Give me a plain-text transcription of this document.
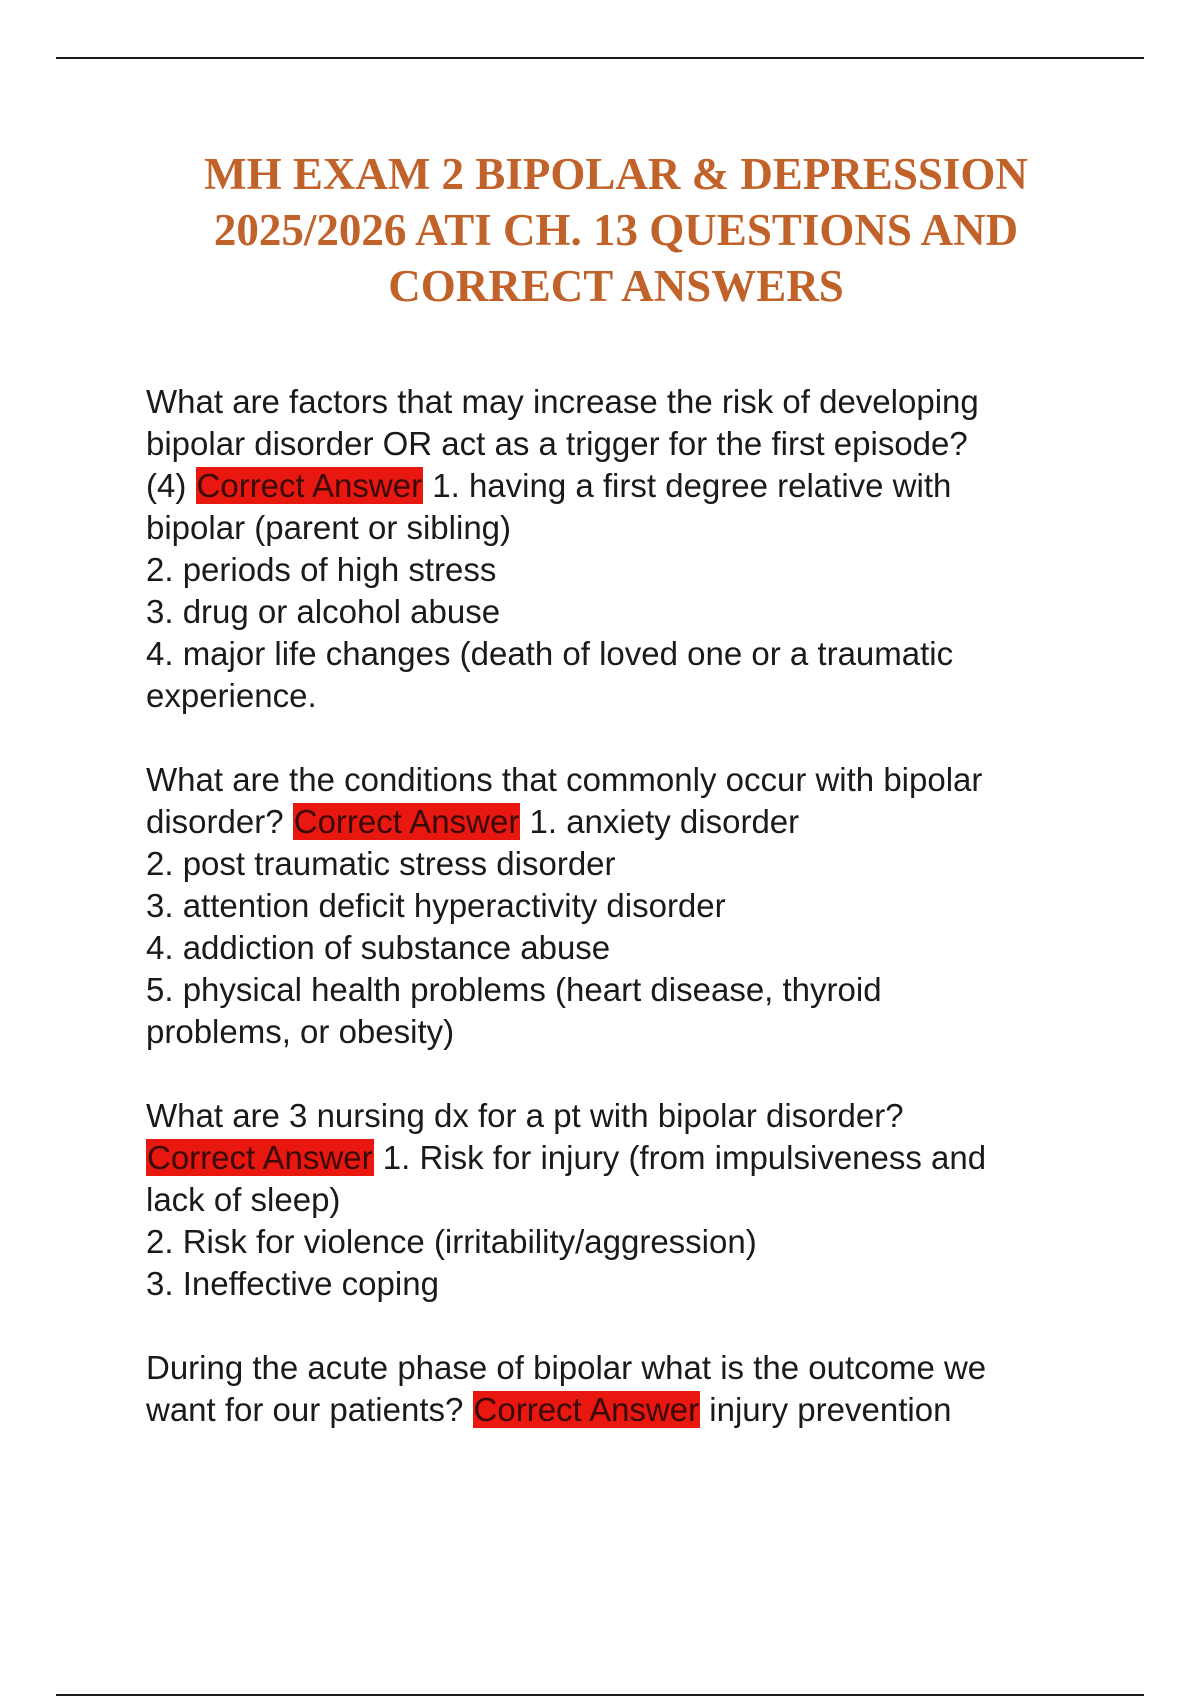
MH EXAM 2 BIPOLAR & DEPRESSION
2025/2026 ATI CH. 13 QUESTIONS AND
CORRECT ANSWERS
What are factors that may increase the risk of developing
bipolar disorder OR act as a trigger for the first episode?
(4) Correct Answer 1. having a first degree relative with
bipolar (parent or sibling)
2. periods of high stress
3. drug or alcohol abuse
4. major life changes (death of loved one or a traumatic
experience.
What are the conditions that commonly occur with bipolar
disorder? Correct Answer 1. anxiety disorder
2. post traumatic stress disorder
3. attention deficit hyperactivity disorder
4. addiction of substance abuse
5. physical health problems (heart disease, thyroid
problems, or obesity)
What are 3 nursing dx for a pt with bipolar disorder?
Correct Answer 1. Risk for injury (from impulsiveness and
lack of sleep)
2. Risk for violence (irritability/aggression)
3. Ineffective coping
During the acute phase of bipolar what is the outcome we
want for our patients? Correct Answer injury prevention
